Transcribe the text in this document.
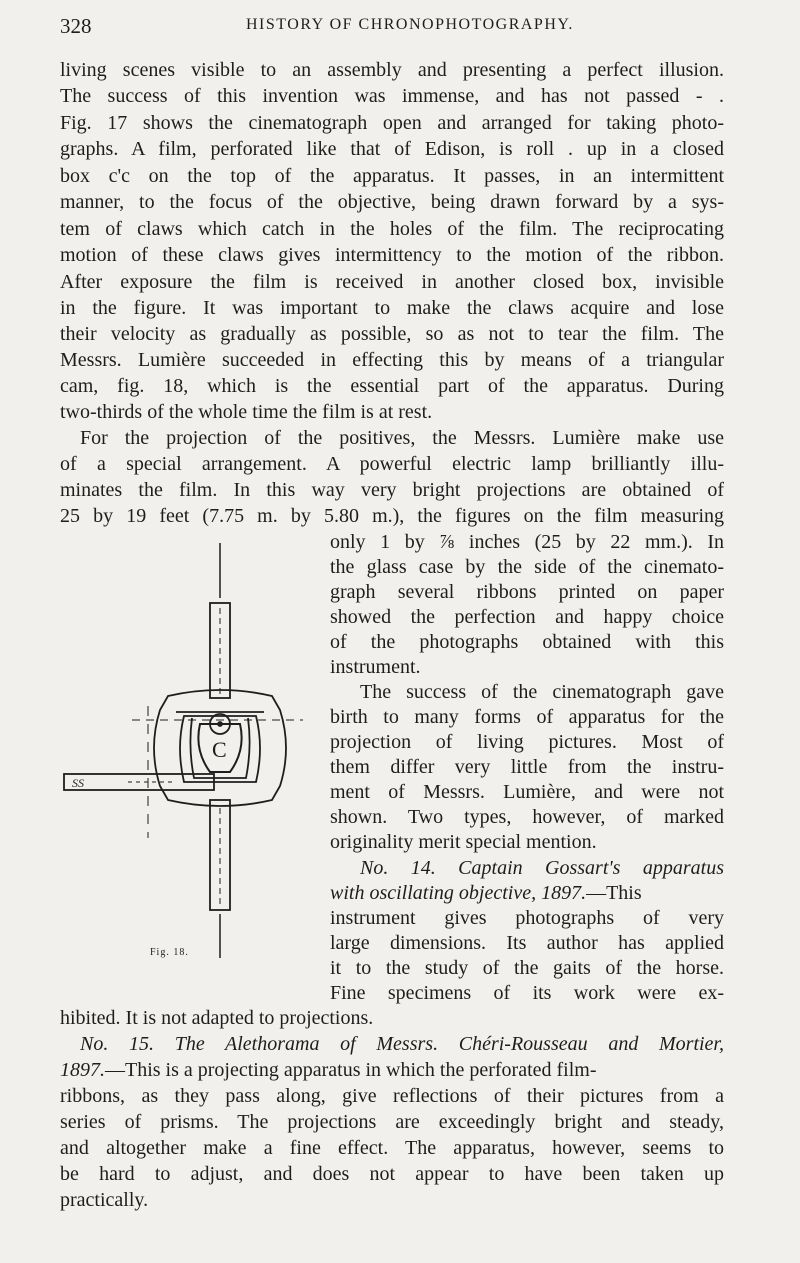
328	HISTORY OF CHRONOPHOTOGRAPHY.
living scenes visible to an assembly and presenting a perfect illusion.
The success of this invention was immense, and has not passed - .
Fig. 17 shows the cinematograph open and arranged for taking photo-
graphs. A film, perforated like that of Edison, is roll . up in a closed
box c'c on the top of the apparatus. It passes, in an intermittent
manner, to the focus of the objective, being drawn forward by a sys-
tem of claws which catch in the holes of the film. The reciprocating
motion of these claws gives intermittency to the motion of the ribbon.
After exposure the film is received in another closed box, invisible
in the figure. It was important to make the claws acquire and lose
their velocity as gradually as possible, so as not to tear the film. The
Messrs. Lumière succeeded in effecting this by means of a triangular
cam, fig. 18, which is the essential part of the apparatus. During
two-thirds of the whole time the film is at rest.
For the projection of the positives, the Messrs. Lumière make use
of a special arrangement. A powerful electric lamp brilliantly illu-
minates the film. In this way very bright projections are obtained of
25 by 19 feet (7.75 m. by 5.80 m.), the figures on the film measuring
only 1 by ⅞ inches (25 by 22 mm.). In
the glass case by the side of the cinemato-
graph several ribbons printed on paper
showed the perfection and happy choice
of the photographs obtained with this
instrument.
The success of the cinematograph gave
birth to many forms of apparatus for the
projection of living pictures. Most of
them differ very little from the instru-
ment of Messrs. Lumière, and were not
shown. Two types, however, of marked
originality merit special mention.
No. 14. Captain Gossart's apparatus
with oscillating objective, 1897.—This
instrument gives photographs of very
large dimensions. Its author has applied
it to the study of the gaits of the horse.
Fine specimens of its work were ex-
hibited. It is not adapted to projections.
No. 15. The Alethorama of Messrs. Chéri-Rousseau and Mortier,
1897.—This is a projecting apparatus in which the perforated film-
ribbons, as they pass along, give reflections of their pictures from a
series of prisms. The projections are exceedingly bright and steady,
and altogether make a fine effect. The apparatus, however, seems to
be hard to adjust, and does not appear to have been taken up
practically.
C
SS
Fig. 18.
